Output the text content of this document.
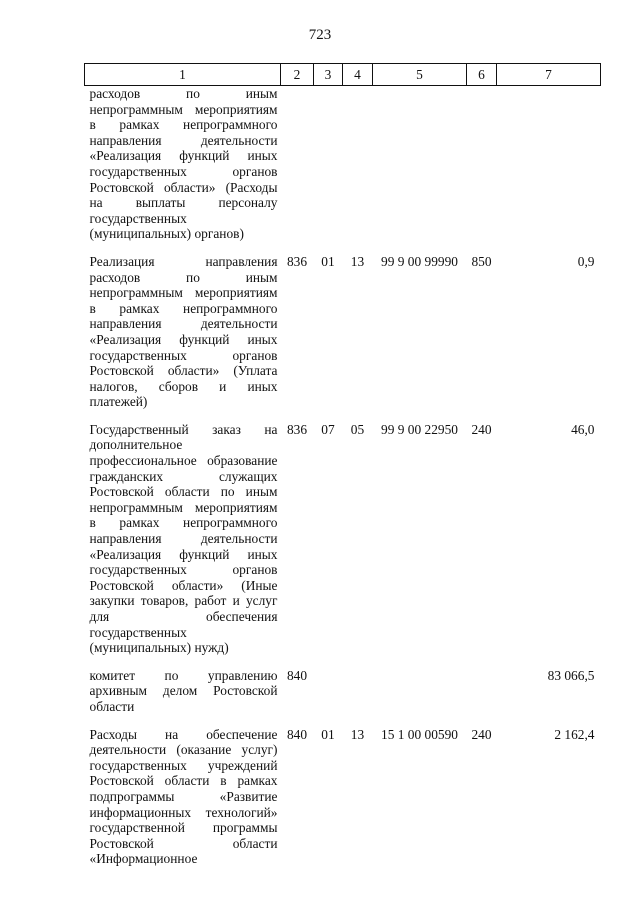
723
1	2	3	4	5	6	7
расходов по иным непрограммным мероприятиям в рамках непрограммного направления деятельности «Реализация функций иных государственных органов Ростовской области» (Расходы на выплаты персоналу государственных (муниципальных) органов)						
Реализация направления расходов по иным непрограммным мероприятиям в рамках непрограммного направления деятельности «Реализация функций иных государственных органов Ростовской области» (Уплата налогов, сборов и иных платежей)	836	01	13	99 9 00 99990	850	0,9
Государственный заказ на дополнительное профессиональное образование гражданских служащих Ростовской области по иным непрограммным мероприятиям в рамках непрограммного направления деятельности «Реализация функций иных государственных органов Ростовской области» (Иные закупки товаров, работ и услуг для обеспечения государственных (муниципальных) нужд)	836	07	05	99 9 00 22950	240	46,0
комитет по управлению архивным делом Ростовской области	840					83 066,5
Расходы на обеспечение деятельности (оказание услуг) государственных учреждений Ростовской области в рамках подпрограммы «Развитие информационных технологий» государственной программы Ростовской области «Информационное	840	01	13	15 1 00 00590	240	2 162,4
